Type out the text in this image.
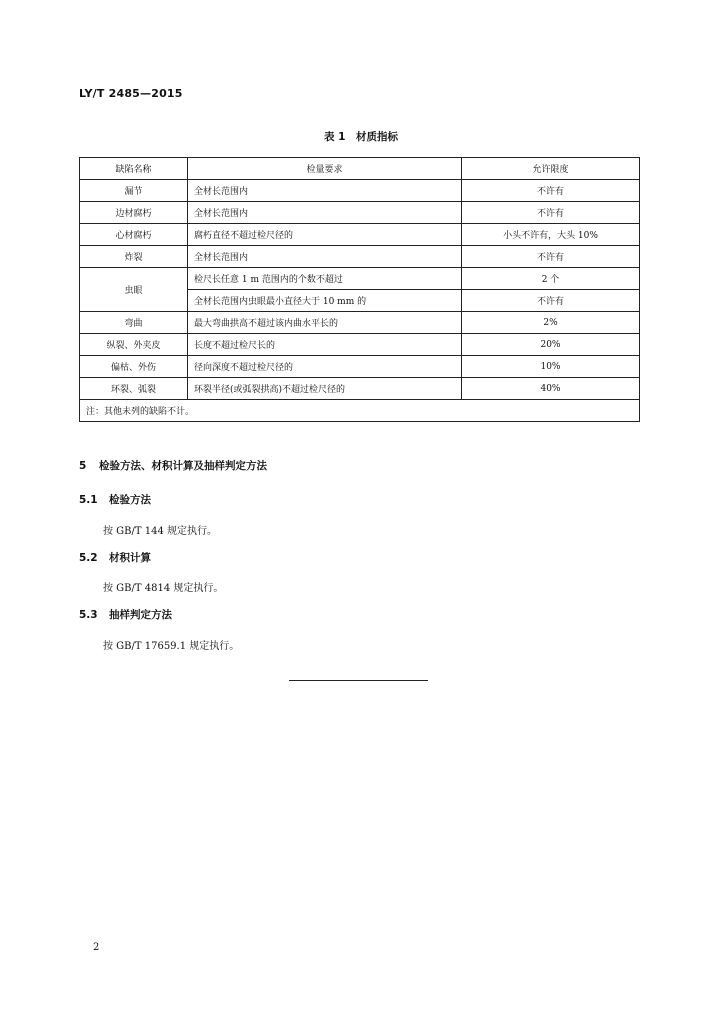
LY/T 2485—2015
表 1　材质指标
缺陷名称	检量要求	允许限度
漏节	全材长范围内	不许有
边材腐朽	全材长范围内	不许有
心材腐朽	腐朽直径不超过检尺径的	小头不许有，大头 10%
炸裂	全材长范围内	不许有
虫眼	检尺长任意 1 m 范围内的个数不超过	2 个
	全材长范围内虫眼最小直径大于 10 mm 的	不许有
弯曲	最大弯曲拱高不超过该内曲水平长的	2%
纵裂、外夹皮	长度不超过检尺长的	20%
偏枯、外伤	径向深度不超过检尺径的	10%
环裂、弧裂	环裂半径(或弧裂拱高)不超过检尺径的	40%
注：其他未列的缺陷不计。		
5 检验方法、材积计算及抽样判定方法
5.1 检验方法
按 GB/T 144 规定执行。
5.2 材积计算
按 GB/T 4814 规定执行。
5.3 抽样判定方法
按 GB/T 17659.1 规定执行。
2
